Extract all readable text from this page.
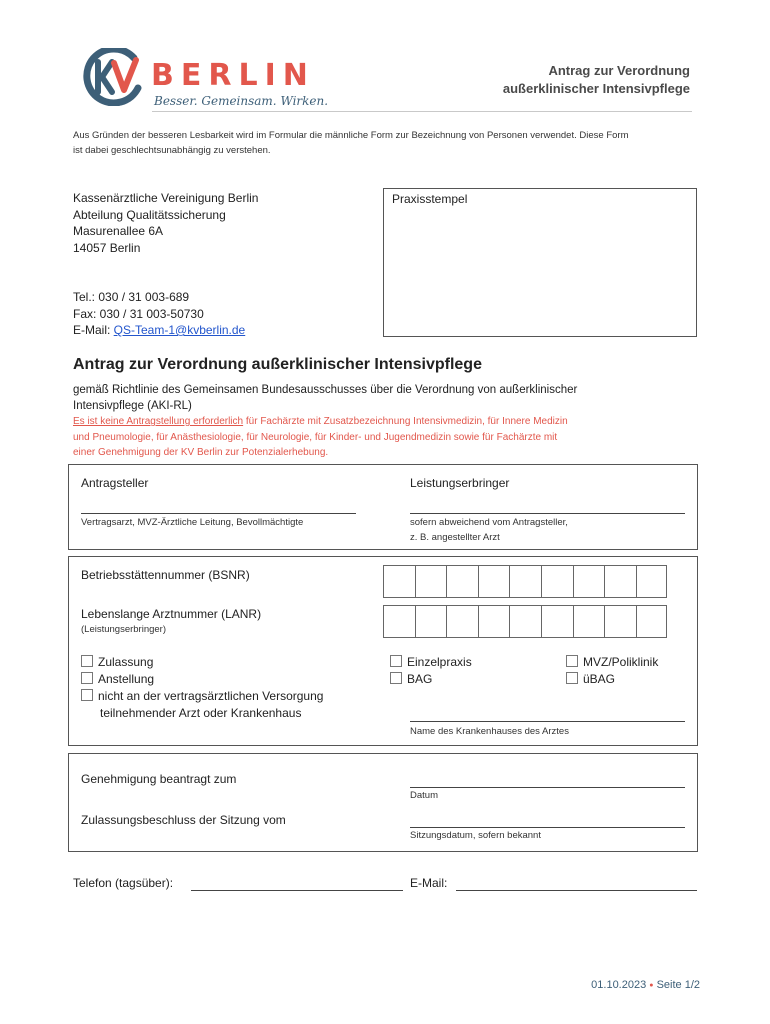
BERLIN
Besser. Gemeinsam. Wirken.
Antrag zur Verordnung
außerklinischer Intensivpflege
Aus Gründen der besseren Lesbarkeit wird im Formular die männliche Form zur Bezeichnung von Personen verwendet. Diese Form
ist dabei geschlechtsunabhängig zu verstehen.
Kassenärztliche Vereinigung Berlin
Abteilung Qualitätssicherung
Masurenallee 6A
14057 Berlin
Tel.: 030 / 31 003-689
Fax: 030 / 31 003-50730
E-Mail: QS-Team-1@kvberlin.de
Praxisstempel
Antrag zur Verordnung außerklinischer Intensivpflege
gemäß Richtlinie des Gemeinsamen Bundesausschusses über die Verordnung von außerklinischer
Intensivpflege (AKI-RL)
Es ist keine Antragstellung erforderlich für Fachärzte mit Zusatzbezeichnung Intensivmedizin, für Innere Medizin
und Pneumologie, für Anästhesiologie, für Neurologie, für Kinder- und Jugendmedizin sowie für Fachärzte mit
einer Genehmigung der KV Berlin zur Potenzialerhebung.
Antragsteller
Vertragsarzt, MVZ-Ärztliche Leitung, Bevollmächtigte
Leistungserbringer
sofern abweichend vom Antragsteller,
z. B. angestellter Arzt
Betriebsstättennummer (BSNR)
Lebenslange Arztnummer (LANR)
(Leistungserbringer)
Zulassung
Anstellung
nicht an der vertragsärztlichen Versorgung
teilnehmender Arzt oder Krankenhaus
Einzelpraxis
BAG
MVZ/Poliklinik
üBAG
Name des Krankenhauses des Arztes
Genehmigung beantragt zum
Datum
Zulassungsbeschluss der Sitzung vom
Sitzungsdatum, sofern bekannt
Telefon (tagsüber):	E-Mail:
01.10.2023 ● Seite 1/2
